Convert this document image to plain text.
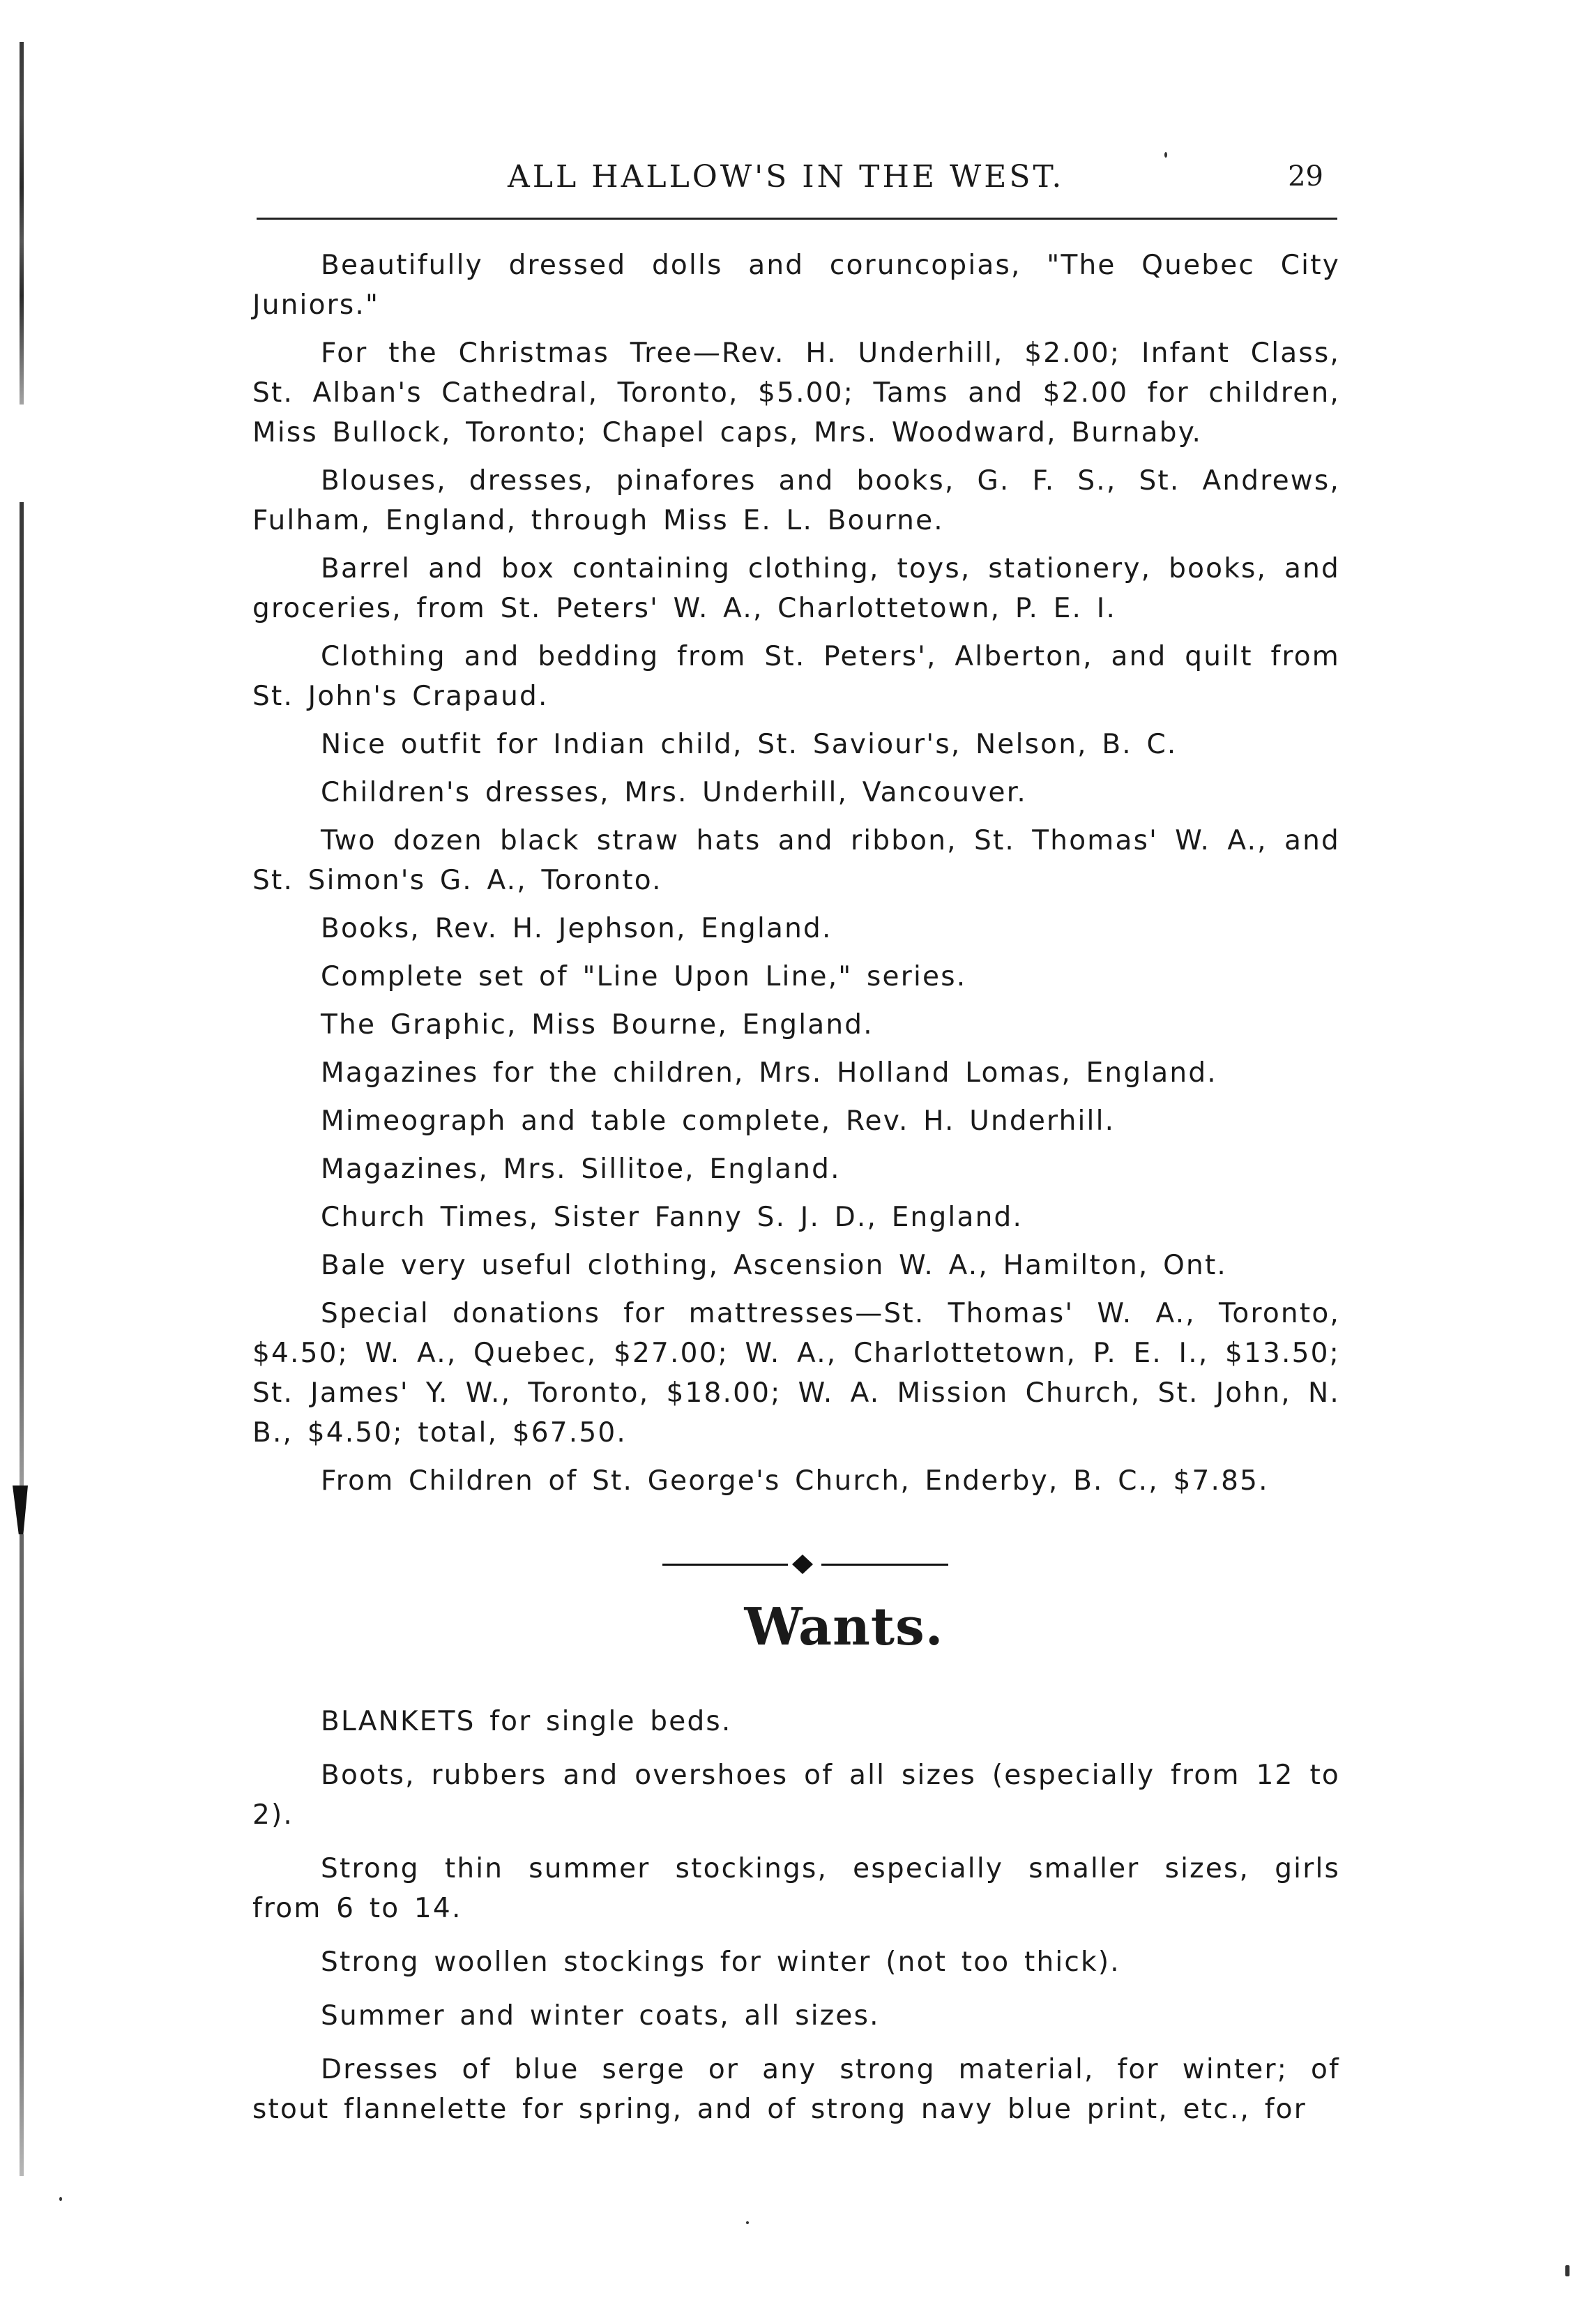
ALL HALLOW'S IN THE WEST.	29

Beautifully dressed dolls and coruncopias, "The Quebec City Juniors."

For the Christmas Tree—Rev. H. Underhill, $2.00; Infant Class, St. Alban's Cathedral, Toronto, $5.00; Tams and $2.00 for children, Miss Bullock, Toronto; Chapel caps, Mrs. Woodward, Burnaby.

Blouses, dresses, pinafores and books, G. F. S., St. Andrews, Fulham, England, through Miss E. L. Bourne.

Barrel and box containing clothing, toys, stationery, books, and groceries, from St. Peters' W. A., Charlottetown, P. E. I.

Clothing and bedding from St. Peters', Alberton, and quilt from St. John's Crapaud.

Nice outfit for Indian child, St. Saviour's, Nelson, B. C.

Children's dresses, Mrs. Underhill, Vancouver.

Two dozen black straw hats and ribbon, St. Thomas' W. A., and St. Simon's G. A., Toronto.

Books, Rev. H. Jephson, England.

Complete set of "Line Upon Line," series.

The Graphic, Miss Bourne, England.

Magazines for the children, Mrs. Holland Lomas, England.

Mimeograph and table complete, Rev. H. Underhill.

Magazines, Mrs. Sillitoe, England.

Church Times, Sister Fanny S. J. D., England.

Bale very useful clothing, Ascension W. A., Hamilton, Ont.

Special donations for mattresses—St. Thomas' W. A., Toronto, $4.50; W. A., Quebec, $27.00; W. A., Charlottetown, P. E. I., $13.50; St. James' Y. W., Toronto, $18.00; W. A. Mission Church, St. John, N. B., $4.50; total, $67.50.

From Children of St. George's Church, Enderby, B. C., $7.85.

Wants.

BLANKETS for single beds.

Boots, rubbers and overshoes of all sizes (especially from 12 to 2).

Strong thin summer stockings, especially smaller sizes, girls from 6 to 14.

Strong woollen stockings for winter (not too thick).

Summer and winter coats, all sizes.

Dresses of blue serge or any strong material, for winter; of stout flannelette for spring, and of strong navy blue print, etc., for
